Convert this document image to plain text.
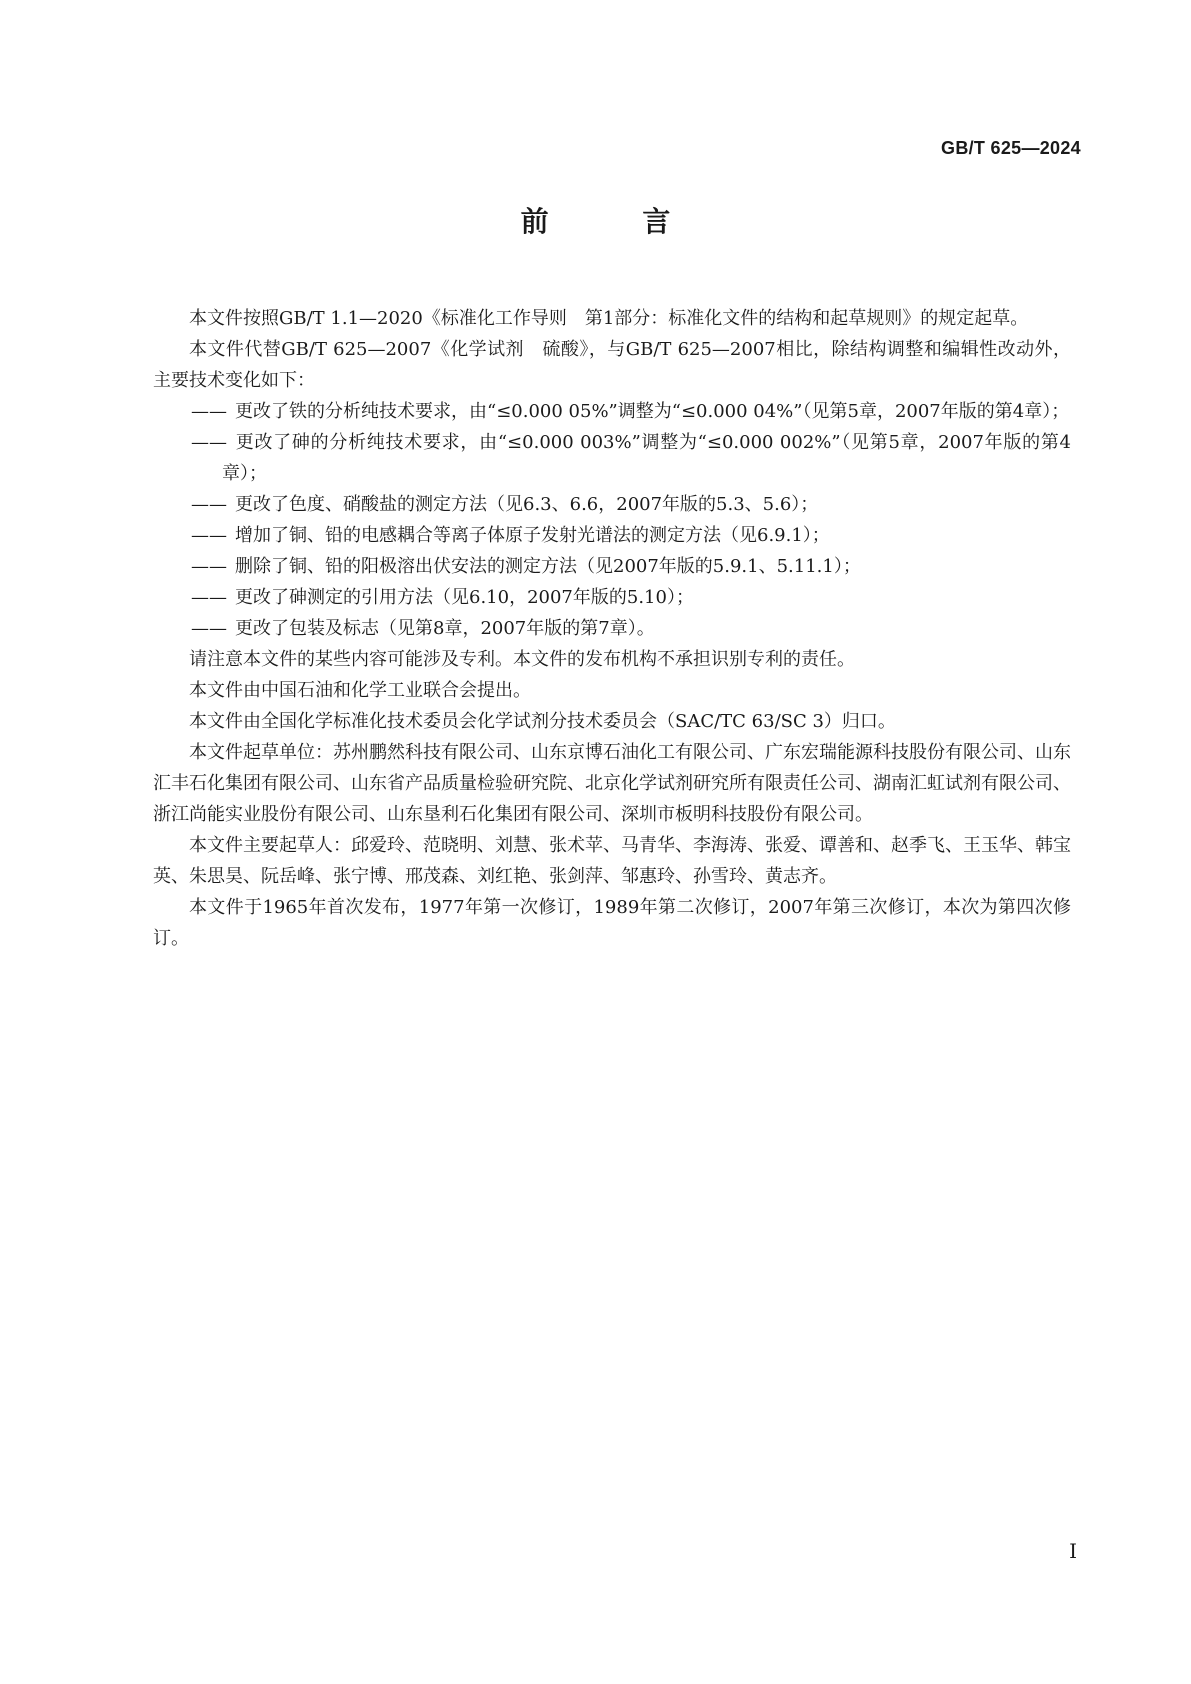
GB/T 625—2024
前 言

本文件按照GB/T 1.1—2020《标准化工作导则　第1部分：标准化文件的结构和起草规则》的规定起草。

本文件代替GB/T 625—2007《化学试剂　硫酸》，与GB/T 625—2007相比，除结构调整和编辑性改动外，主要技术变化如下：

—— 更改了铁的分析纯技术要求，由“≤0.000 05%”调整为“≤0.000 04%”（见第5章，2007年版的第4章）；
—— 更改了砷的分析纯技术要求，由“≤0.000 003%”调整为“≤0.000 002%”（见第5章，2007年版的第4章）；
—— 更改了色度、硝酸盐的测定方法（见6.3、6.6，2007年版的5.3、5.6）；
—— 增加了铜、铅的电感耦合等离子体原子发射光谱法的测定方法（见6.9.1）；
—— 删除了铜、铅的阳极溶出伏安法的测定方法（见2007年版的5.9.1、5.11.1）；
—— 更改了砷测定的引用方法（见6.10，2007年版的5.10）；
—— 更改了包装及标志（见第8章，2007年版的第7章）。

请注意本文件的某些内容可能涉及专利。本文件的发布机构不承担识别专利的责任。

本文件由中国石油和化学工业联合会提出。

本文件由全国化学标准化技术委员会化学试剂分技术委员会（SAC/TC 63/SC 3）归口。

本文件起草单位：苏州鹏然科技有限公司、山东京博石油化工有限公司、广东宏瑞能源科技股份有限公司、山东汇丰石化集团有限公司、山东省产品质量检验研究院、北京化学试剂研究所有限责任公司、湖南汇虹试剂有限公司、浙江尚能实业股份有限公司、山东垦利石化集团有限公司、深圳市板明科技股份有限公司。

本文件主要起草人：邱爱玲、范晓明、刘慧、张术苹、马青华、李海涛、张爱、谭善和、赵季飞、王玉华、韩宝英、朱思昊、阮岳峰、张宁博、邢茂森、刘红艳、张剑萍、邹惠玲、孙雪玲、黄志齐。

本文件于1965年首次发布，1977年第一次修订，1989年第二次修订，2007年第三次修订，本次为第四次修订。

I
